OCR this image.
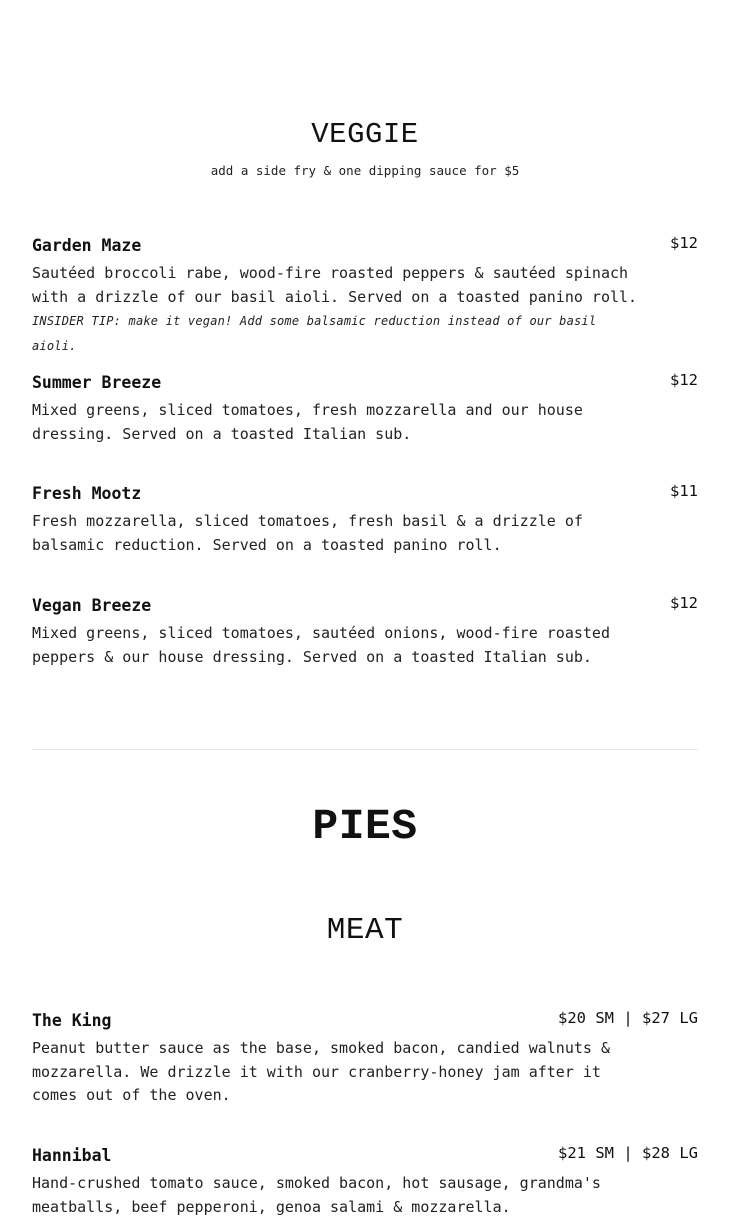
VEGGIE

add a side fry & one dipping sauce for $5

Garden Maze	$12

Sautéed broccoli rabe, wood-fire roasted peppers & sautéed spinach with a drizzle of our basil aioli. Served on a toasted panino roll. INSIDER TIP: make it vegan! Add some balsamic reduction instead of our basil aioli.

Summer Breeze	$12

Mixed greens, sliced tomatoes, fresh mozzarella and our house dressing. Served on a toasted Italian sub.

Fresh Mootz	$11

Fresh mozzarella, sliced tomatoes, fresh basil & a drizzle of balsamic reduction. Served on a toasted panino roll.

Vegan Breeze	$12

Mixed greens, sliced tomatoes, sautéed onions, wood-fire roasted peppers & our house dressing. Served on a toasted Italian sub.

PIES
MEAT
The King	$20 SM | $27 LG

Peanut butter sauce as the base, smoked bacon, candied walnuts & mozzarella. We drizzle it with our cranberry-honey jam after it comes out of the oven.

Hannibal	$21 SM | $28 LG

Hand-crushed tomato sauce, smoked bacon, hot sausage, grandma's meatballs, beef pepperoni, genoa salami & mozzarella.
